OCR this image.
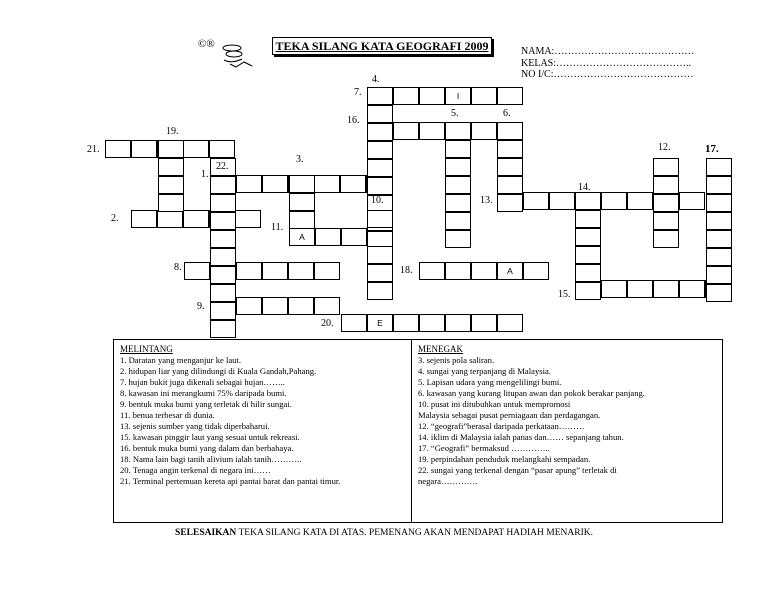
©®	TEKA SILANG KATA GEOGRAFI 2009	NAMA:……………………………………
KELAS:…………………………………..
NO I/C:……………………………………
I
A
A
E
4.
7.
16.
5.	6.
19.
21.	12.	17.
1.
22.
3.
14.
13.
10.
2.
11.
8.	18.
15.
9.
20.
MELINTANG
1. Daratan yang menganjur ke laut.
2. hidupan liar yang dilindungi di Kuala Gandah,Pahang.
7. hujan bukit juga dikenali sebagai hujan……..
8. kawasan ini merangkumi 75% daripada bumi.
9. bentuk muka bumi yang terletak di hilir sungai.
11. benua terbesar di dunia.
13. sejenis sumber yang tidak diperbaharui.
15. kawasan pinggir laut yang sesuai untuk rekreasi.
16. bentuk muka bumi yang dalam dan berbahaya.
18. Nama lain bagi tanih alivium ialah tanih………..
20. Tenaga angin terkenal di negara ini……
21. Terminal pertemuan kereta api pantai barat dan pantai timur.
MENEGAK
3. sejenis pola saliran.
4. sungai yang terpanjang di Malaysia.
5. Lapisan udara yang mengelilingi bumi.
6. kawasan yang kurang litupan awan dan pokok berakar panjang.
10. pusat ini ditubuhkan untuk mempromosi
Malaysia sebagai pusat perniagaan dan perdagangan.
12. “geografi”berasal daripada perkataan………
14. iklim di Malaysia ialah panas dan…… sepanjang tahun.
17. “Geografi” bermaksud …………..
19. perpindahan penduduk melangkahi sempadan.
22. sungai yang terkenal dengan “pasar apung” terletak di
negara………….
SELESAIKAN TEKA SILANG KATA DI ATAS. PEMENANG AKAN MENDAPAT HADIAH MENARIK.
